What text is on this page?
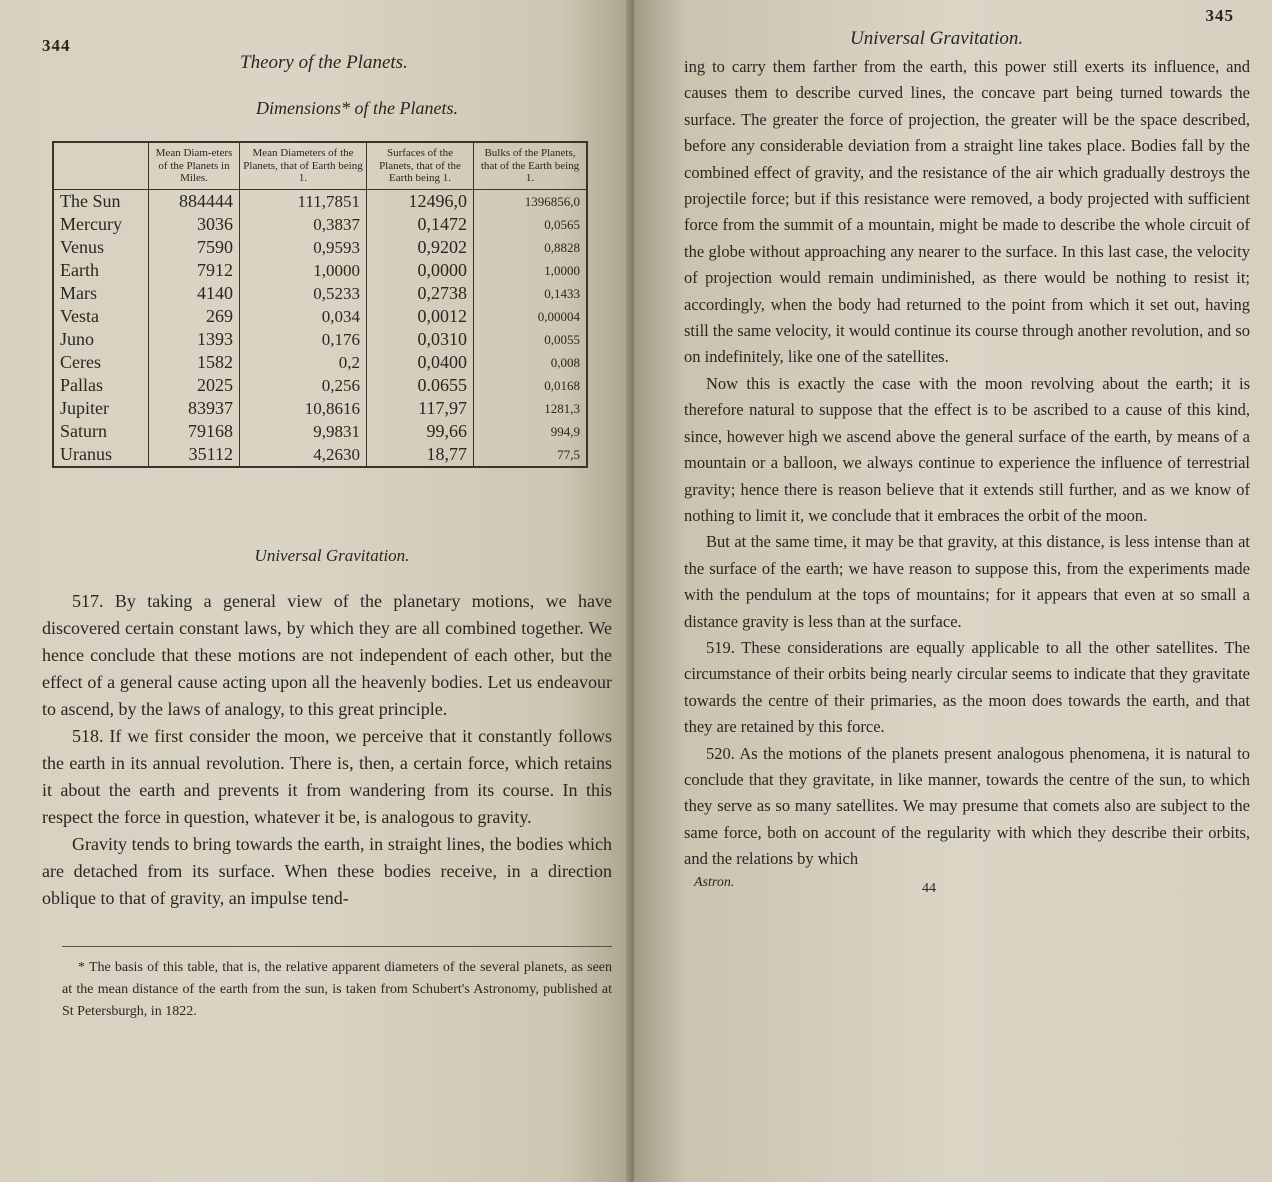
344
Theory of the Planets.
Dimensions* of the Planets.
	Mean Diam-eters of the Planets in Miles.	Mean Diameters of the Planets, that of Earth being 1.	Surfaces of the Planets, that of the Earth being 1.	Bulks of the Planets, that of the Earth being 1.
The Sun	884444	111,7851	12496,0	1396856,0
Mercury	3036	0,3837	0,1472	0,0565
Venus	7590	0,9593	0,9202	0,8828
Earth	7912	1,0000	0,0000	1,0000
Mars	4140	0,5233	0,2738	0,1433
Vesta	269	0,034	0,0012	0,00004
Juno	1393	0,176	0,0310	0,0055
Ceres	1582	0,2	0,0400	0,008
Pallas	2025	0,256	0.0655	0,0168
Jupiter	83937	10,8616	117,97	1281,3
Saturn	79168	9,9831	99,66	994,9
Uranus	35112	4,2630	18,77	77,5
Universal Gravitation.

517. By taking a general view of the planetary motions, we have discovered certain constant laws, by which they are all combined together. We hence conclude that these motions are not independent of each other, but the effect of a general cause acting upon all the heavenly bodies. Let us endeavour to ascend, by the laws of analogy, to this great principle.

518. If we first consider the moon, we perceive that it constantly follows the earth in its annual revolution. There is, then, a certain force, which retains it about the earth and prevents it from wandering from its course. In this respect the force in question, whatever it be, is analogous to gravity.

Gravity tends to bring towards the earth, in straight lines, the bodies which are detached from its surface. When these bodies receive, in a direction oblique to that of gravity, an impulse tend-

* The basis of this table, that is, the relative apparent diameters of the several planets, as seen at the mean distance of the earth from the sun, is taken from Schubert's Astronomy, published at St Petersburgh, in 1822.

Universal Gravitation.
345

ing to carry them farther from the earth, this power still exerts its influence, and causes them to describe curved lines, the concave part being turned towards the surface. The greater the force of projection, the greater will be the space described, before any considerable deviation from a straight line takes place. Bodies fall by the combined effect of gravity, and the resistance of the air which gradually destroys the projectile force; but if this resistance were removed, a body projected with sufficient force from the summit of a mountain, might be made to describe the whole circuit of the globe without approaching any nearer to the surface. In this last case, the velocity of projection would remain undiminished, as there would be nothing to resist it; accordingly, when the body had returned to the point from which it set out, having still the same velocity, it would continue its course through another revolution, and so on indefinitely, like one of the satellites.

Now this is exactly the case with the moon revolving about the earth; it is therefore natural to suppose that the effect is to be ascribed to a cause of this kind, since, however high we ascend above the general surface of the earth, by means of a mountain or a balloon, we always continue to experience the influence of terrestrial gravity; hence there is reason believe that it extends still further, and as we know of nothing to limit it, we conclude that it embraces the orbit of the moon.

But at the same time, it may be that gravity, at this distance, is less intense than at the surface of the earth; we have reason to suppose this, from the experiments made with the pendulum at the tops of mountains; for it appears that even at so small a distance gravity is less than at the surface.

519. These considerations are equally applicable to all the other satellites. The circumstance of their orbits being nearly circular seems to indicate that they gravitate towards the centre of their primaries, as the moon does towards the earth, and that they are retained by this force.

520. As the motions of the planets present analogous phenomena, it is natural to conclude that they gravitate, in like manner, towards the centre of the sun, to which they serve as so many satellites. We may presume that comets also are subject to the same force, both on account of the regularity with which they describe their orbits, and the relations by which

Astron.	44
